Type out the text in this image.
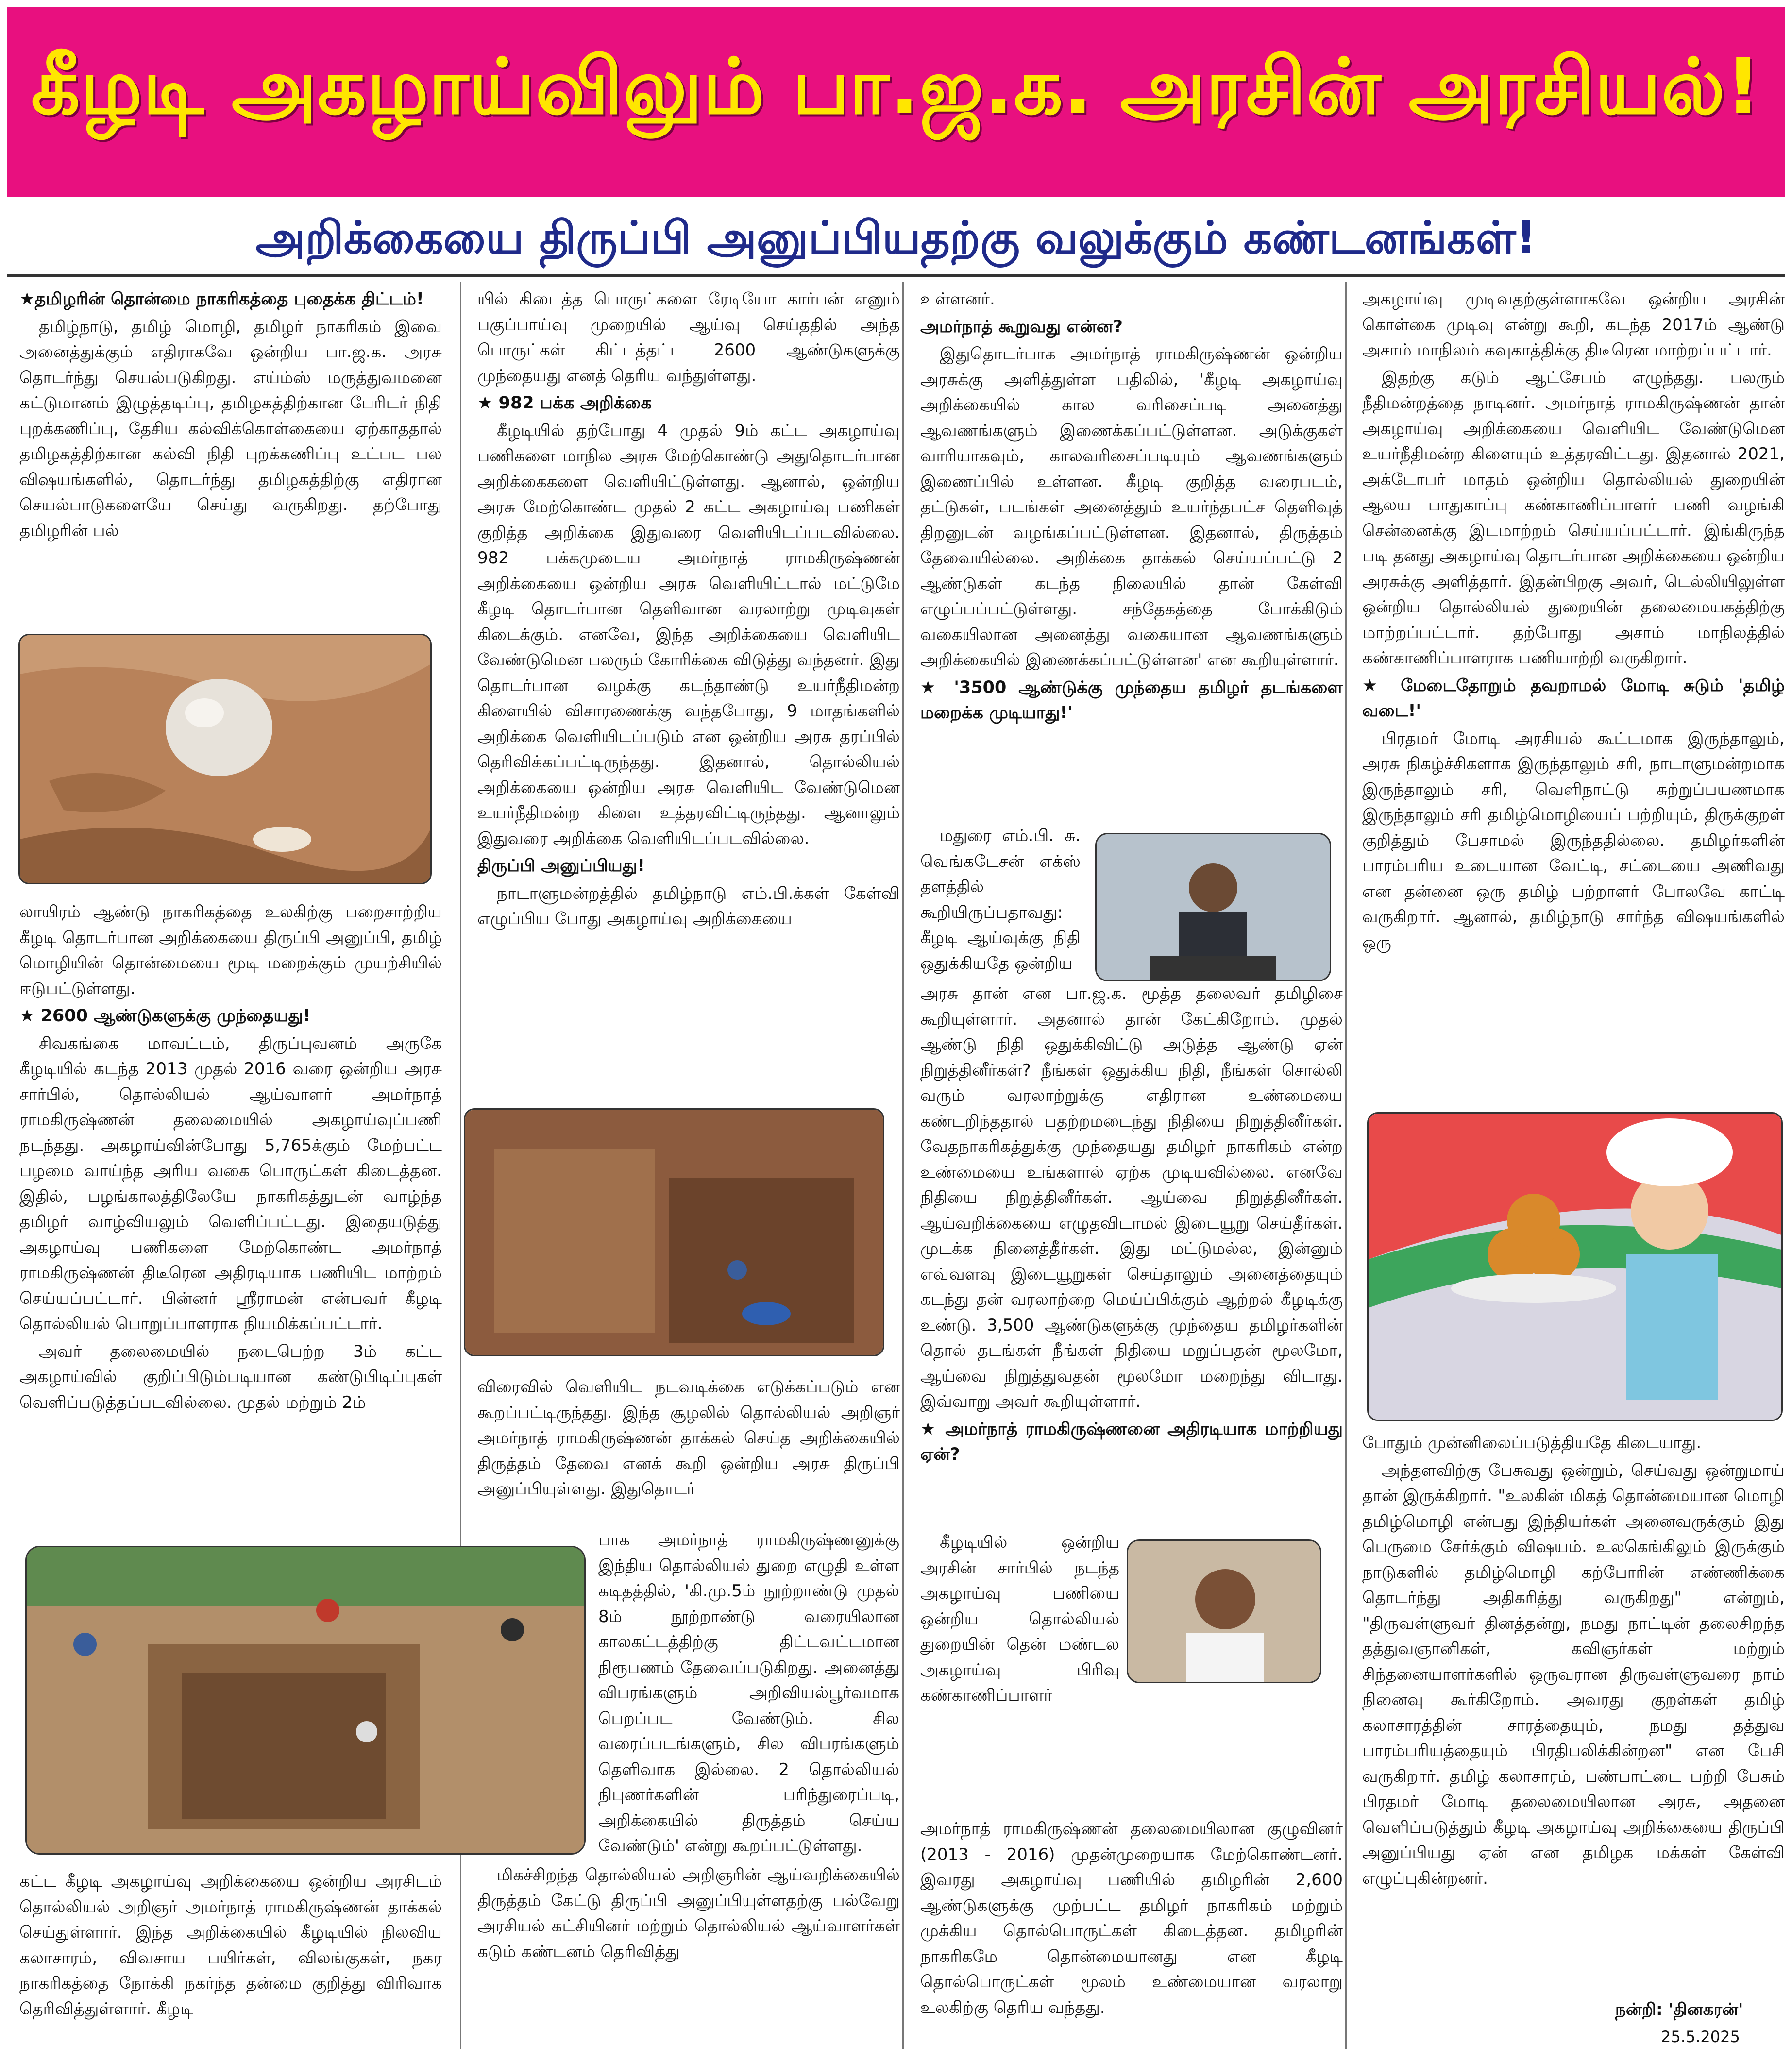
கீழடி அகழாய்விலும் பா.ஜ.க. அரசின் அரசியல்!
அறிக்கையை திருப்பி அனுப்பியதற்கு வலுக்கும் கண்டனங்கள்!

★தமிழரின் தொன்மை நாகரிகத்தை புதைக்க திட்டம்!

தமிழ்நாடு, தமிழ் மொழி, தமிழர் நாகரிகம் இவை அனைத்துக்கும் எதிராகவே ஒன்றிய பா.ஜ.க. அரசு தொடர்ந்து செயல்படுகிறது. எய்ம்ஸ் மருத்துவமனை கட்டுமானம் இழுத்தடிப்பு, தமிழகத்திற்கான பேரிடர் நிதி புறக்கணிப்பு, தேசிய கல்விக்கொள்கையை ஏற்காததால் தமிழகத்திற்கான கல்வி நிதி புறக்கணிப்பு உட்பட பல விஷயங்களில், தொடர்ந்து தமிழகத்திற்கு எதிரான செயல்பாடுகளையே செய்து வருகிறது. தற்போது தமிழரின் பல்

லாயிரம் ஆண்டு நாகரிகத்தை உலகிற்கு பறைசாற்றிய கீழடி தொடர்பான அறிக்கையை திருப்பி அனுப்பி, தமிழ் மொழியின் தொன்மையை மூடி மறைக்கும் முயற்சியில் ஈடுபட்டுள்ளது.

★ 2600 ஆண்டுகளுக்கு முந்தையது!

சிவகங்கை மாவட்டம், திருப்புவனம் அருகே கீழடியில் கடந்த 2013 முதல் 2016 வரை ஒன்றிய அரசு சார்பில், தொல்லியல் ஆய்வாளர் அமர்நாத் ராமகிருஷ்ணன் தலைமையில் அகழாய்வுப்பணி நடந்தது. அகழாய்வின்போது 5,765க்கும் மேற்பட்ட பழமை வாய்ந்த அரிய வகை பொருட்கள் கிடைத்தன. இதில், பழங்காலத்திலேயே நாகரிகத்துடன் வாழ்ந்த தமிழர் வாழ்வியலும் வெளிப்பட்டது. இதையடுத்து அகழாய்வு பணிகளை மேற்கொண்ட அமர்நாத் ராமகிருஷ்ணன் திடீரென அதிரடியாக பணியிட மாற்றம் செய்யப்பட்டார். பின்னர் ஸ்ரீராமன் என்பவர் கீழடி தொல்லியல் பொறுப்பாளராக நியமிக்கப்பட்டார்.

அவர் தலைமையில் நடைபெற்ற 3ம் கட்ட அகழாய்வில் குறிப்பிடும்படியான கண்டுபிடிப்புகள் வெளிப்படுத்தப்படவில்லை. முதல் மற்றும் 2ம்

கட்ட கீழடி அகழாய்வு அறிக்கையை ஒன்றிய அரசிடம் தொல்லியல் அறிஞர் அமர்நாத் ராமகிருஷ்ணன் தாக்கல் செய்துள்ளார். இந்த அறிக்கையில் கீழடியில் நிலவிய கலாசாரம், விவசாய பயிர்கள், விலங்குகள், நகர நாகரிகத்தை நோக்கி நகர்ந்த தன்மை குறித்து விரிவாக தெரிவித்துள்ளார். கீழடி

யில் கிடைத்த பொருட்களை ரேடியோ கார்பன் எனும் பகுப்பாய்வு முறையில் ஆய்வு செய்ததில் அந்த பொருட்கள் கிட்டத்தட்ட 2600 ஆண்டுகளுக்கு முந்தையது எனத் தெரிய வந்துள்ளது.

★ 982 பக்க அறிக்கை

கீழடியில் தற்போது 4 முதல் 9ம் கட்ட அகழாய்வு பணிகளை மாநில அரசு மேற்கொண்டு அதுதொடர்பான அறிக்கைகளை வெளியிட்டுள்ளது. ஆனால், ஒன்றிய அரசு மேற்கொண்ட முதல் 2 கட்ட அகழாய்வு பணிகள் குறித்த அறிக்கை இதுவரை வெளியிடப்படவில்லை. 982 பக்கமுடைய அமர்நாத் ராமகிருஷ்ணன் அறிக்கையை ஒன்றிய அரசு வெளியிட்டால் மட்டுமே கீழடி தொடர்பான தெளிவான வரலாற்று முடிவுகள் கிடைக்கும். எனவே, இந்த அறிக்கையை வெளியிட வேண்டுமென பலரும் கோரிக்கை விடுத்து வந்தனர். இது தொடர்பான வழக்கு கடந்தாண்டு உயர்நீதிமன்ற கிளையில் விசாரணைக்கு வந்தபோது, 9 மாதங்களில் அறிக்கை வெளியிடப்படும் என ஒன்றிய அரசு தரப்பில் தெரிவிக்கப்பட்டிருந்தது. இதனால், தொல்லியல் அறிக்கையை ஒன்றிய அரசு வெளியிட வேண்டுமென உயர்நீதிமன்ற கிளை உத்தரவிட்டிருந்தது. ஆனாலும் இதுவரை அறிக்கை வெளியிடப்படவில்லை.

திருப்பி அனுப்பியது!

நாடாளுமன்றத்தில் தமிழ்நாடு எம்.பி.க்கள் கேள்வி எழுப்பிய போது அகழாய்வு அறிக்கையை

விரைவில் வெளியிட நடவடிக்கை எடுக்கப்படும் என கூறப்பட்டிருந்தது. இந்த சூழலில் தொல்லியல் அறிஞர் அமர்நாத் ராமகிருஷ்ணன் தாக்கல் செய்த அறிக்கையில் திருத்தம் தேவை எனக் கூறி ஒன்றிய அரசு திருப்பி அனுப்பியுள்ளது. இதுதொடர்

பாக அமர்நாத் ராமகிருஷ்ணனுக்கு இந்திய தொல்லியல் துறை எழுதி உள்ள கடிதத்தில், 'கி.மு.5ம் நூற்றாண்டு முதல் 8ம் நூற்றாண்டு வரையிலான காலகட்டத்திற்கு திட்டவட்டமான நிரூபணம் தேவைப்படுகிறது. அனைத்து விபரங்களும் அறிவியல்பூர்வமாக பெறப்பட வேண்டும். சில வரைப்படங்களும், சில விபரங்களும் தெளிவாக இல்லை. 2 தொல்லியல் நிபுணர்களின் பரிந்துரைப்படி, அறிக்கையில் திருத்தம் செய்ய வேண்டும்' என்று கூறப்பட்டுள்ளது.

மிகச்சிறந்த தொல்லியல் அறிஞரின் ஆய்வறிக்கையில் திருத்தம் கேட்டு திருப்பி அனுப்பியுள்ளதற்கு பல்வேறு அரசியல் கட்சியினர் மற்றும் தொல்லியல் ஆய்வாளர்கள் கடும் கண்டனம் தெரிவித்து

உள்ளனர்.

அமர்நாத் கூறுவது என்ன?

இதுதொடர்பாக அமர்நாத் ராமகிருஷ்ணன் ஒன்றிய அரசுக்கு அளித்துள்ள பதிலில், 'கீழடி அகழாய்வு அறிக்கையில் கால வரிசைப்படி அனைத்து ஆவணங்களும் இணைக்கப்பட்டுள்ளன. அடுக்குகள் வாரியாகவும், காலவரிசைப்படியும் ஆவணங்களும் இணைப்பில் உள்ளன. கீழடி குறித்த வரைபடம், தட்டுகள், படங்கள் அனைத்தும் உயர்ந்தபட்ச தெளிவுத் திறனுடன் வழங்கப்பட்டுள்ளன. இதனால், திருத்தம் தேவையில்லை. அறிக்கை தாக்கல் செய்யப்பட்டு 2 ஆண்டுகள் கடந்த நிலையில் தான் கேள்வி எழுப்பப்பட்டுள்ளது. சந்தேகத்தை போக்கிடும் வகையிலான அனைத்து வகையான ஆவணங்களும் அறிக்கையில் இணைக்கப்பட்டுள்ளன' என கூறியுள்ளார்.

★ '3500 ஆண்டுக்கு முந்தைய தமிழர் தடங்களை மறைக்க முடியாது!'

மதுரை எம்.பி. சு. வெங்கடேசன் எக்ஸ் தளத்தில் கூறியிருப்பதாவது: கீழடி ஆய்வுக்கு நிதி ஒதுக்கியதே ஒன்றிய

அரசு தான் என பா.ஜ.க. மூத்த தலைவர் தமிழிசை கூறியுள்ளார். அதனால் தான் கேட்கிறோம். முதல் ஆண்டு நிதி ஒதுக்கிவிட்டு அடுத்த ஆண்டு ஏன் நிறுத்தினீர்கள்? நீங்கள் ஒதுக்கிய நிதி, நீங்கள் சொல்லி வரும் வரலாற்றுக்கு எதிரான உண்மையை கண்டறிந்ததால் பதற்றமடைந்து நிதியை நிறுத்தினீர்கள். வேதநாகரிகத்துக்கு முந்தையது தமிழர் நாகரிகம் என்ற உண்மையை உங்களால் ஏற்க முடியவில்லை. எனவே நிதியை நிறுத்தினீர்கள். ஆய்வை நிறுத்தினீர்கள். ஆய்வறிக்கையை எழுதவிடாமல் இடையூறு செய்தீர்கள். முடக்க நினைத்தீர்கள். இது மட்டுமல்ல, இன்னும் எவ்வளவு இடையூறுகள் செய்தாலும் அனைத்தையும் கடந்து தன் வரலாற்றை மெய்ப்பிக்கும் ஆற்றல் கீழடிக்கு உண்டு. 3,500 ஆண்டுகளுக்கு முந்தைய தமிழர்களின் தொல் தடங்கள் நீங்கள் நிதியை மறுப்பதன் மூலமோ, ஆய்வை நிறுத்துவதன் மூலமோ மறைந்து விடாது. இவ்வாறு அவர் கூறியுள்ளார்.

★ அமர்நாத் ராமகிருஷ்ணனை அதிரடியாக மாற்றியது ஏன்?

கீழடியில் ஒன்றிய அரசின் சார்பில் நடந்த அகழாய்வு பணியை ஒன்றிய தொல்லியல் துறையின் தென் மண்டல அகழாய்வு பிரிவு கண்காணிப்பாளர்

அமர்நாத் ராமகிருஷ்ணன் தலைமையிலான குழுவினர் (2013 - 2016) முதன்முறையாக மேற்கொண்டனர். இவரது அகழாய்வு பணியில் தமிழரின் 2,600 ஆண்டுகளுக்கு முற்பட்ட தமிழர் நாகரிகம் மற்றும் முக்கிய தொல்பொருட்கள் கிடைத்தன. தமிழரின் நாகரிகமே தொன்மையானது என கீழடி தொல்பொருட்கள் மூலம் உண்மையான வரலாறு உலகிற்கு தெரிய வந்தது.

அகழாய்வு முடிவதற்குள்ளாகவே ஒன்றிய அரசின் கொள்கை முடிவு என்று கூறி, கடந்த 2017ம் ஆண்டு அசாம் மாநிலம் கவுகாத்திக்கு திடீரென மாற்றப்பட்டார்.

இதற்கு கடும் ஆட்சேபம் எழுந்தது. பலரும் நீதிமன்றத்தை நாடினர். அமர்நாத் ராமகிருஷ்ணன் தான் அகழாய்வு அறிக்கையை வெளியிட வேண்டுமென உயர்நீதிமன்ற கிளையும் உத்தரவிட்டது. இதனால் 2021, அக்டோபர் மாதம் ஒன்றிய தொல்லியல் துறையின் ஆலய பாதுகாப்பு கண்காணிப்பாளர் பணி வழங்கி சென்னைக்கு இடமாற்றம் செய்யப்பட்டார். இங்கிருந்த படி தனது அகழாய்வு தொடர்பான அறிக்கையை ஒன்றிய அரசுக்கு அளித்தார். இதன்பிறகு அவர், டெல்லியிலுள்ள ஒன்றிய தொல்லியல் துறையின் தலைமையகத்திற்கு மாற்றப்பட்டார். தற்போது அசாம் மாநிலத்தில் கண்காணிப்பாளராக பணியாற்றி வருகிறார்.

★ மேடைதோறும் தவறாமல் மோடி சுடும் 'தமிழ் வடை!'

பிரதமர் மோடி அரசியல் கூட்டமாக இருந்தாலும், அரசு நிகழ்ச்சிகளாக இருந்தாலும் சரி, நாடாளுமன்றமாக இருந்தாலும் சரி, வெளிநாட்டு சுற்றுப்பயணமாக இருந்தாலும் சரி தமிழ்மொழியைப் பற்றியும், திருக்குறள் குறித்தும் பேசாமல் இருந்ததில்லை. தமிழர்களின் பாரம்பரிய உடையான வேட்டி, சட்டையை அணிவது என தன்னை ஒரு தமிழ் பற்றாளர் போலவே காட்டி வருகிறார். ஆனால், தமிழ்நாடு சார்ந்த விஷயங்களில் ஒரு

போதும் முன்னிலைப்படுத்தியதே கிடையாது.

அந்தளவிற்கு பேசுவது ஒன்றும், செய்வது ஒன்றுமாய் தான் இருக்கிறார். "உலகின் மிகத் தொன்மையான மொழி தமிழ்மொழி என்பது இந்தியர்கள் அனைவருக்கும் இது பெருமை சேர்க்கும் விஷயம். உலகெங்கிலும் இருக்கும் நாடுகளில் தமிழ்மொழி கற்போரின் எண்ணிக்கை தொடர்ந்து அதிகரித்து வருகிறது" என்றும், "திருவள்ளுவர் தினத்தன்று, நமது நாட்டின் தலைசிறந்த தத்துவஞானிகள், கவிஞர்கள் மற்றும் சிந்தனையாளர்களில் ஒருவரான திருவள்ளுவரை நாம் நினைவு கூர்கிறோம். அவரது குறள்கள் தமிழ் கலாசாரத்தின் சாரத்தையும், நமது தத்துவ பாரம்பரியத்தையும் பிரதிபலிக்கின்றன" என பேசி வருகிறார். தமிழ் கலாசாரம், பண்பாட்டை பற்றி பேசும் பிரதமர் மோடி தலைமையிலான அரசு, அதனை வெளிப்படுத்தும் கீழடி அகழாய்வு அறிக்கையை திருப்பி அனுப்பியது ஏன் என தமிழக மக்கள் கேள்வி எழுப்புகின்றனர்.

நன்றி: 'தினகரன்'
25.5.2025
